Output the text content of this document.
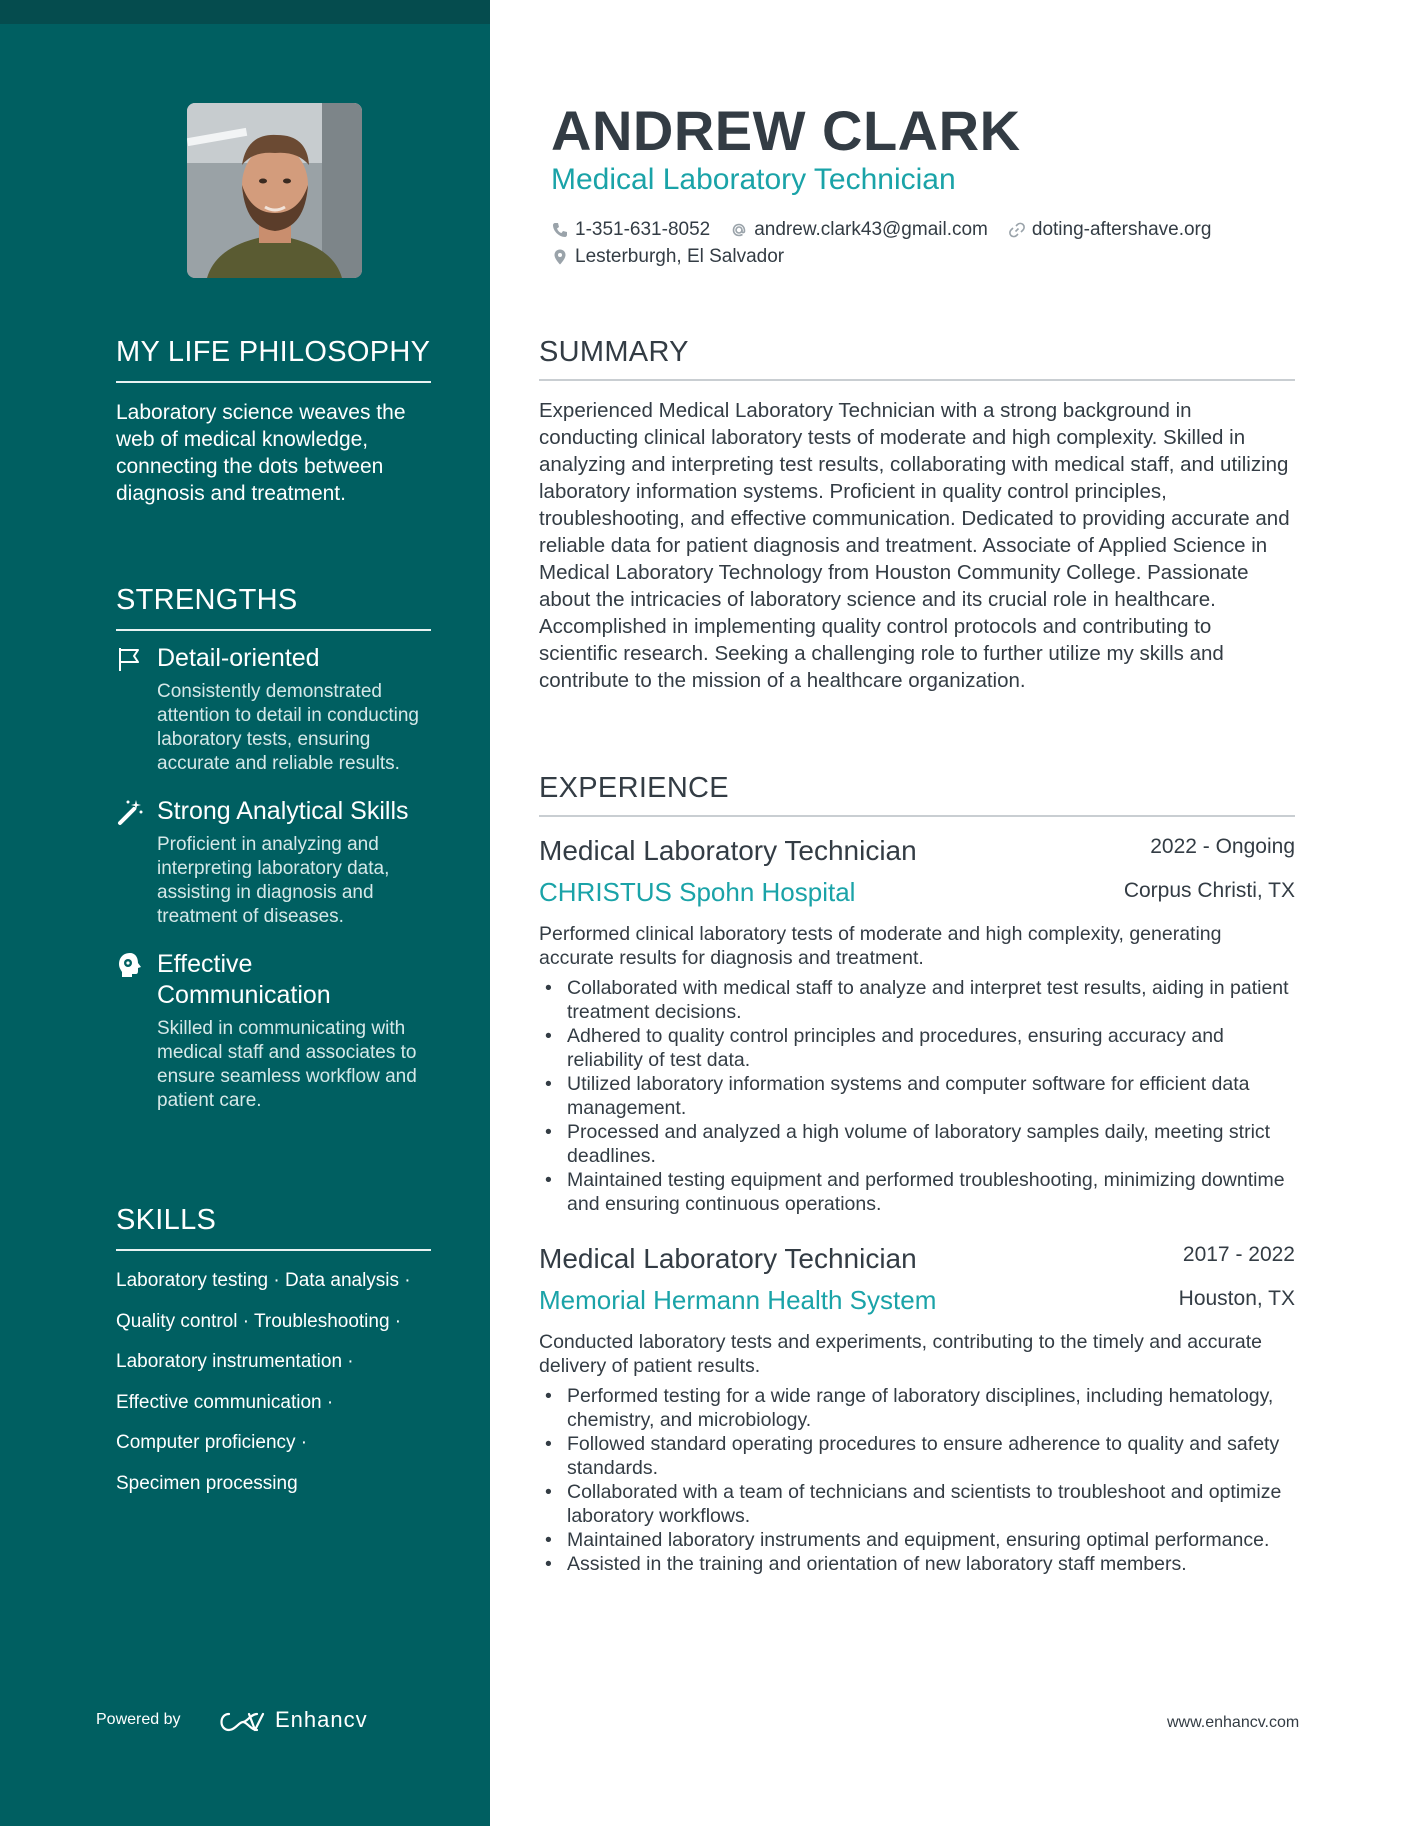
MY LIFE PHILOSOPHY
Laboratory science weaves the web of medical knowledge, connecting the dots between diagnosis and treatment.
STRENGTHS
Detail-oriented
Consistently demonstrated attention to detail in conducting laboratory tests, ensuring accurate and reliable results.
Strong Analytical Skills
Proficient in analyzing and interpreting laboratory data, assisting in diagnosis and treatment of diseases.
Effective Communication
Skilled in communicating with medical staff and associates to ensure seamless workflow and patient care.
SKILLS
Laboratory testing · Data analysis ·
Quality control · Troubleshooting ·
Laboratory instrumentation ·
Effective communication ·
Computer proficiency ·
Specimen processing
Powered by	Enhancv
ANDREW CLARK
Medical Laboratory Technician
1-351-631-8052 andrew.clark43@gmail.com doting-aftershave.org
Lesterburgh, El Salvador
SUMMARY
Experienced Medical Laboratory Technician with a strong background in conducting clinical laboratory tests of moderate and high complexity. Skilled in analyzing and interpreting test results, collaborating with medical staff, and utilizing laboratory information systems. Proficient in quality control principles, troubleshooting, and effective communication. Dedicated to providing accurate and reliable data for patient diagnosis and treatment. Associate of Applied Science in Medical Laboratory Technology from Houston Community College. Passionate about the intricacies of laboratory science and its crucial role in healthcare. Accomplished in implementing quality control protocols and contributing to scientific research. Seeking a challenging role to further utilize my skills and contribute to the mission of a healthcare organization.
EXPERIENCE
Medical Laboratory Technician	2022 - Ongoing
CHRISTUS Spohn Hospital	Corpus Christi, TX
Performed clinical laboratory tests of moderate and high complexity, generating accurate results for diagnosis and treatment.
• Collaborated with medical staff to analyze and interpret test results, aiding in patient treatment decisions.
• Adhered to quality control principles and procedures, ensuring accuracy and reliability of test data.
• Utilized laboratory information systems and computer software for efficient data management.
• Processed and analyzed a high volume of laboratory samples daily, meeting strict deadlines.
• Maintained testing equipment and performed troubleshooting, minimizing downtime and ensuring continuous operations.
Medical Laboratory Technician	2017 - 2022
Memorial Hermann Health System	Houston, TX
Conducted laboratory tests and experiments, contributing to the timely and accurate delivery of patient results.
• Performed testing for a wide range of laboratory disciplines, including hematology, chemistry, and microbiology.
• Followed standard operating procedures to ensure adherence to quality and safety standards.
• Collaborated with a team of technicians and scientists to troubleshoot and optimize laboratory workflows.
• Maintained laboratory instruments and equipment, ensuring optimal performance.
• Assisted in the training and orientation of new laboratory staff members.
www.enhancv.com
